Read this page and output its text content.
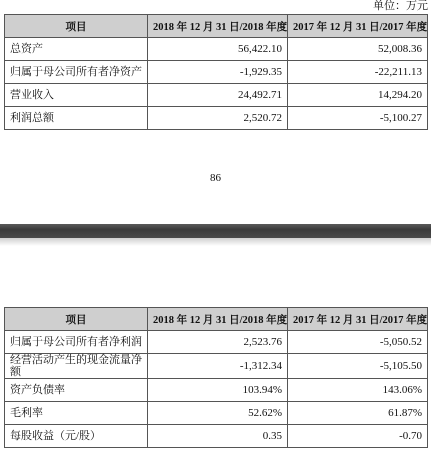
单位：万元
项目	2018 年 12 月 31 日/2018 年度	2017 年 12 月 31 日/2017 年度
总资产	56,422.10	52,008.36
归属于母公司所有者净资产	-1,929.35	-22,211.13
营业收入	24,492.71	14,294.20
利润总额	2,520.72	-5,100.27
86
项目	2018 年 12 月 31 日/2018 年度	2017 年 12 月 31 日/2017 年度
归属于母公司所有者净利润	2,523.76	-5,050.52
经营活动产生的现金流量净额	-1,312.34	-5,105.50
资产负债率	103.94%	143.06%
毛利率	52.62%	61.87%
每股收益（元/股）	0.35	-0.70
